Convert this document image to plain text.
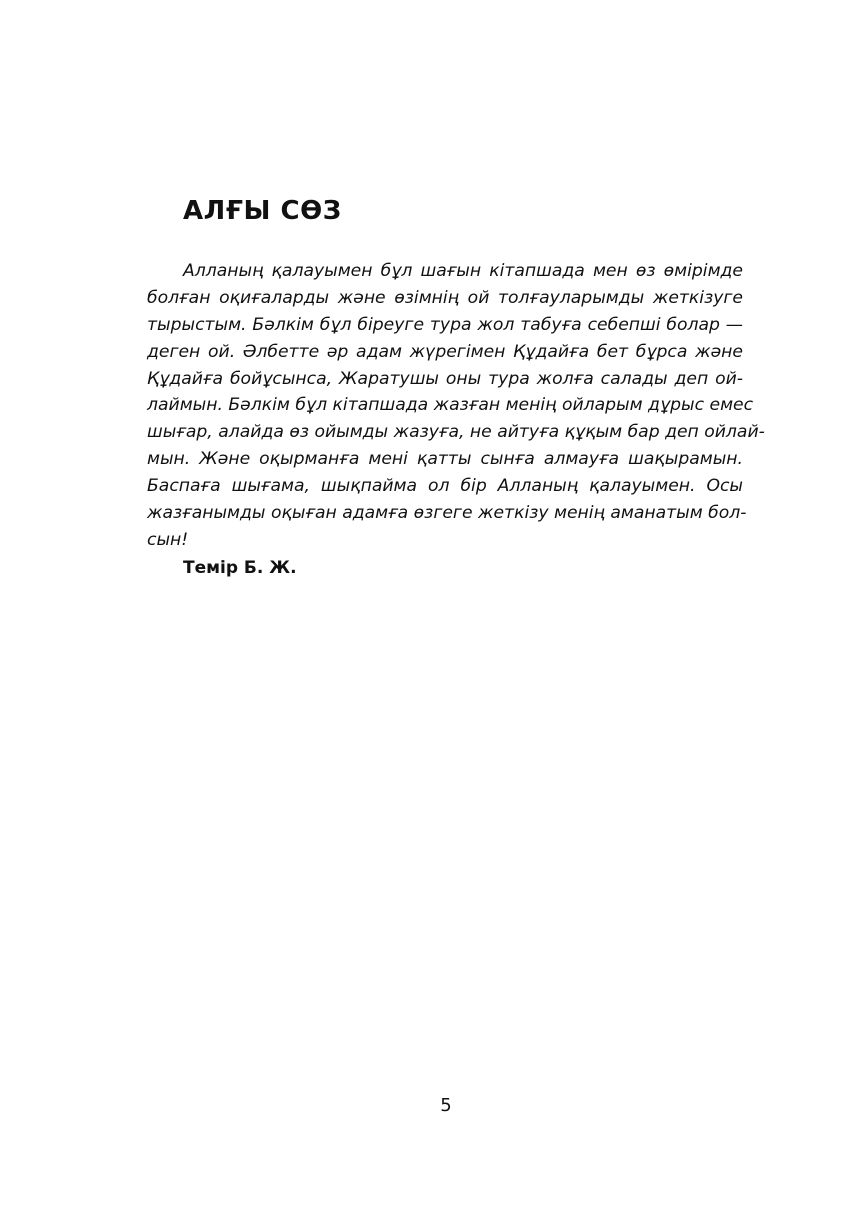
АЛҒЫ СӨЗ
Алланың қалауымен бұл шағын кітапшада мен өз өмірімде
болған оқиғаларды және өзімнің ой толғауларымды жеткізуге
тырыстым. Бәлкім бұл біреуге тура жол табуға себепші болар —
деген ой. Әлбетте әр адам жүрегімен Құдайға бет бұрса және
Құдайға бойұсынса, Жаратушы оны тура жолға салады деп ой-
лаймын. Бәлкім бұл кітапшада жазған менің ойларым дұрыс емес
шығар, алайда өз ойымды жазуға, не айтуға құқым бар деп ойлай-
мын. Және оқырманға мені қатты сынға алмауға шақырамын.
Баспаға шығама, шықпайма ол бір Алланың қалауымен. Осы
жазғанымды оқыған адамға өзгеге жеткізу менің аманатым бол-
сын!
Темір Б. Ж.
5
